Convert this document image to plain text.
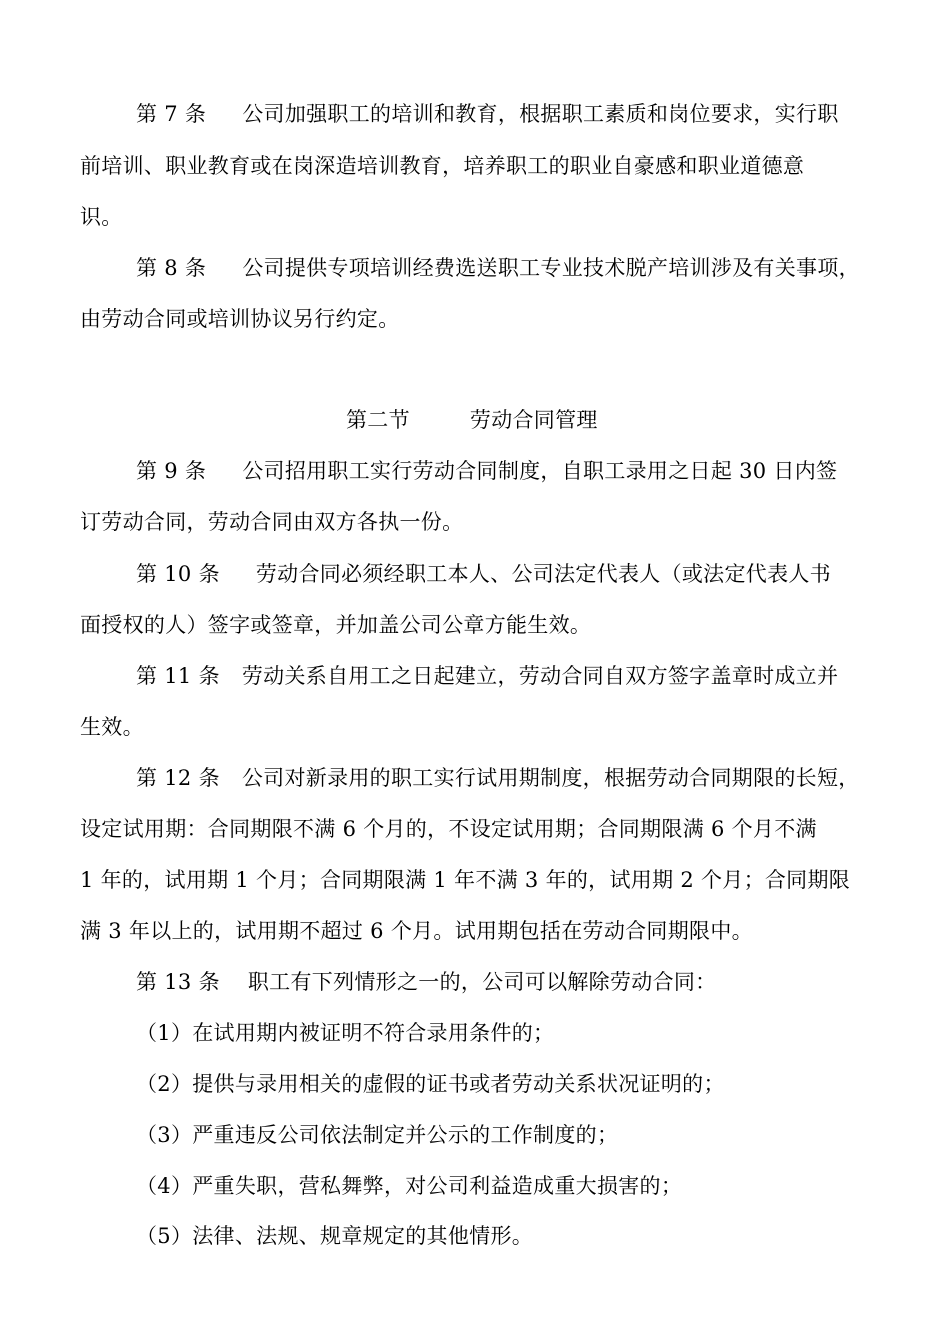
第 7 条 公司加强职工的培训和教育，根据职工素质和岗位要求，实行职
前培训、职业教育或在岗深造培训教育，培养职工的职业自豪感和职业道德意
识。
第 8 条 公司提供专项培训经费选送职工专业技术脱产培训涉及有关事项，
由劳动合同或培训协议另行约定。
第二节	劳动合同管理
第 9 条 公司招用职工实行劳动合同制度，自职工录用之日起 30 日内签
订劳动合同，劳动合同由双方各执一份。
第 10 条 劳动合同必须经职工本人、公司法定代表人（或法定代表人书
面授权的人）签字或签章，并加盖公司公章方能生效。
第 11 条 劳动关系自用工之日起建立，劳动合同自双方签字盖章时成立并
生效。
第 12 条 公司对新录用的职工实行试用期制度，根据劳动合同期限的长短，
设定试用期：合同期限不满 6 个月的，不设定试用期；合同期限满 6 个月不满
1 年的，试用期 1 个月；合同期限满 1 年不满 3 年的，试用期 2 个月；合同期限
满 3 年以上的，试用期不超过 6 个月。试用期包括在劳动合同期限中。
第 13 条 职工有下列情形之一的，公司可以解除劳动合同：
（1）在试用期内被证明不符合录用条件的；
（2）提供与录用相关的虚假的证书或者劳动关系状况证明的；
（3）严重违反公司依法制定并公示的工作制度的；
（4）严重失职，营私舞弊，对公司利益造成重大损害的；
（5）法律、法规、规章规定的其他情形。
